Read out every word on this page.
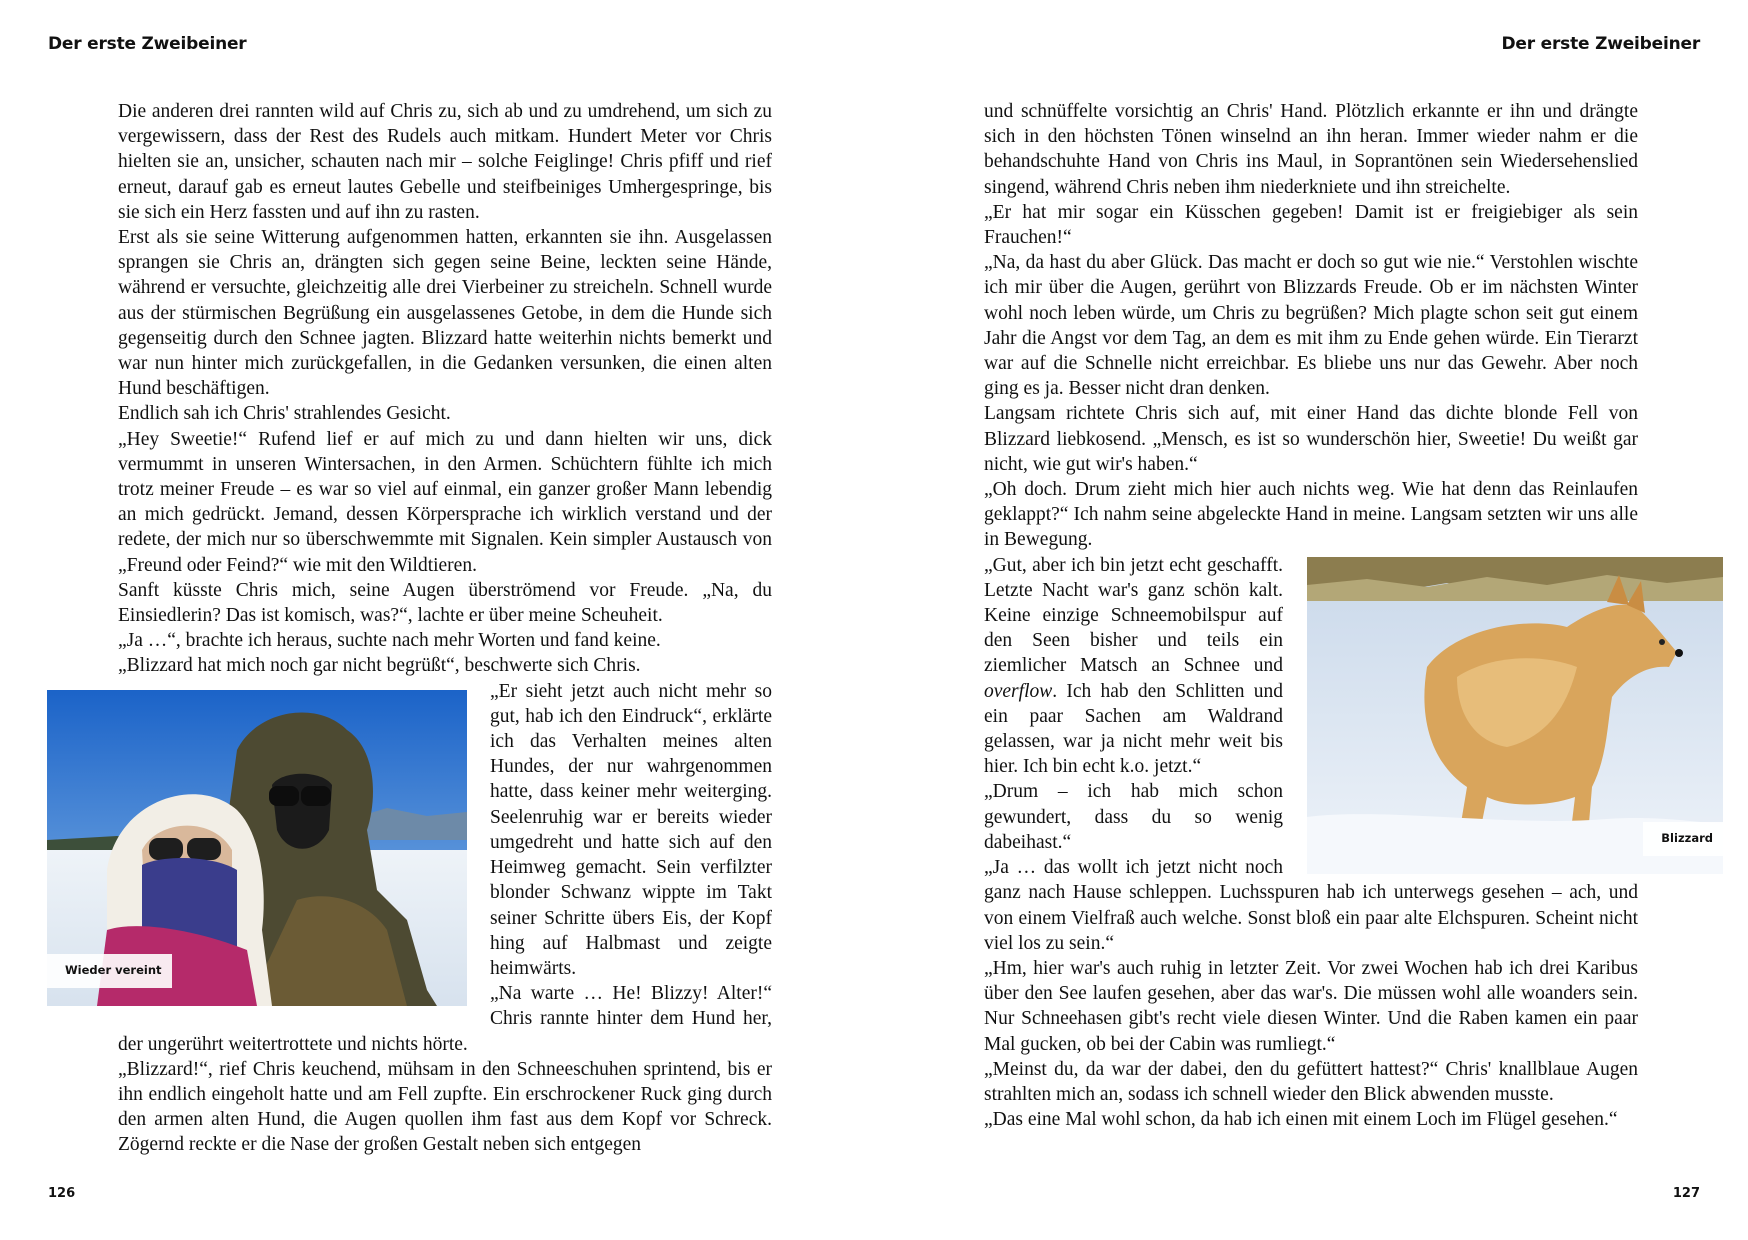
Der erste Zweibeiner

Die anderen drei rannten wild auf Chris zu, sich ab und zu umdrehend, um sich zu vergewissern, dass der Rest des Rudels auch mitkam. Hundert Meter vor Chris hielten sie an, unsicher, schauten nach mir – solche Feiglinge! Chris pfiff und rief erneut, darauf gab es erneut lautes Gebelle und steifbeiniges Umhergespringe, bis sie sich ein Herz fassten und auf ihn zu rasten.

Erst als sie seine Witterung aufgenommen hatten, erkannten sie ihn. Ausgelassen sprangen sie Chris an, drängten sich gegen seine Beine, leckten seine Hände, während er versuchte, gleichzeitig alle drei Vierbeiner zu streicheln. Schnell wurde aus der stürmischen Begrüßung ein ausgelassenes Getobe, in dem die Hunde sich gegenseitig durch den Schnee jagten. Blizzard hatte weiterhin nichts bemerkt und war nun hinter mich zurückgefallen, in die Gedanken versunken, die einen alten Hund beschäftigen.

Endlich sah ich Chris' strahlendes Gesicht.

„Hey Sweetie!“ Rufend lief er auf mich zu und dann hielten wir uns, dick vermummt in unseren Wintersachen, in den Armen. Schüchtern fühlte ich mich trotz meiner Freude – es war so viel auf einmal, ein ganzer großer Mann lebendig an mich gedrückt. Jemand, dessen Körpersprache ich wirklich verstand und der redete, der mich nur so überschwemmte mit Signalen. Kein simpler Austausch von „Freund oder Feind?“ wie mit den Wildtieren.

Sanft küsste Chris mich, seine Augen überströmend vor Freude. „Na, du Einsiedlerin? Das ist komisch, was?“, lachte er über meine Scheuheit.

„Ja …“, brachte ich heraus, suchte nach mehr Worten und fand keine.

„Blizzard hat mich noch gar nicht begrüßt“, beschwerte sich Chris.

Wieder vereint

„Er sieht jetzt auch nicht mehr so gut, hab ich den Eindruck“, erklärte ich das Verhalten meines alten Hundes, der nur wahrgenommen hatte, dass keiner mehr weiterging. Seelenruhig war er bereits wieder umgedreht und hatte sich auf den Heimweg gemacht. Sein verfilzter blonder Schwanz wippte im Takt seiner Schritte übers Eis, der Kopf hing auf Halbmast und zeigte heimwärts.

„Na warte … He! Blizzy! Alter!“ Chris rannte hinter dem Hund her, der ungerührt weitertrottete und nichts hörte.

„Blizzard!“, rief Chris keuchend, mühsam in den Schneeschuhen sprintend, bis er ihn endlich eingeholt hatte und am Fell zupfte. Ein erschrockener Ruck ging durch den armen alten Hund, die Augen quollen ihm fast aus dem Kopf vor Schreck. Zögernd reckte er die Nase der großen Gestalt neben sich entgegen

126
Der erste Zweibeiner

und schnüffelte vorsichtig an Chris' Hand. Plötzlich erkannte er ihn und drängte sich in den höchsten Tönen winselnd an ihn heran. Immer wieder nahm er die behandschuhte Hand von Chris ins Maul, in Soprantönen sein Wiedersehenslied singend, während Chris neben ihm niederkniete und ihn streichelte.

„Er hat mir sogar ein Küsschen gegeben! Damit ist er freigiebiger als sein Frauchen!“

„Na, da hast du aber Glück. Das macht er doch so gut wie nie.“ Verstohlen wischte ich mir über die Augen, gerührt von Blizzards Freude. Ob er im nächsten Winter wohl noch leben würde, um Chris zu begrüßen? Mich plagte schon seit gut einem Jahr die Angst vor dem Tag, an dem es mit ihm zu Ende gehen würde. Ein Tierarzt war auf die Schnelle nicht erreichbar. Es bliebe uns nur das Gewehr. Aber noch ging es ja. Besser nicht dran denken.

Langsam richtete Chris sich auf, mit einer Hand das dichte blonde Fell von Blizzard liebkosend. „Mensch, es ist so wunderschön hier, Sweetie! Du weißt gar nicht, wie gut wir's haben.“

„Oh doch. Drum zieht mich hier auch nichts weg. Wie hat denn das Reinlaufen geklappt?“ Ich nahm seine abgeleckte Hand in meine. Langsam setzten wir uns alle in Bewegung.

Blizzard

„Gut, aber ich bin jetzt echt geschafft. Letzte Nacht war's ganz schön kalt. Keine einzige Schneemobilspur auf den Seen bisher und teils ein ziemlicher Matsch an Schnee und overflow. Ich hab den Schlitten und ein paar Sachen am Waldrand gelassen, war ja nicht mehr weit bis hier. Ich bin echt k.o. jetzt.“

„Drum – ich hab mich schon gewundert, dass du so wenig dabeihast.“

„Ja … das wollt ich jetzt nicht noch ganz nach Hause schleppen. Luchsspuren hab ich unterwegs gesehen – ach, und von einem Vielfraß auch welche. Sonst bloß ein paar alte Elchspuren. Scheint nicht viel los zu sein.“

„Hm, hier war's auch ruhig in letzter Zeit. Vor zwei Wochen hab ich drei Karibus über den See laufen gesehen, aber das war's. Die müssen wohl alle woanders sein. Nur Schneehasen gibt's recht viele diesen Winter. Und die Raben kamen ein paar Mal gucken, ob bei der Cabin was rumliegt.“

„Meinst du, da war der dabei, den du gefüttert hattest?“ Chris' knallblaue Augen strahlten mich an, sodass ich schnell wieder den Blick abwenden musste.

„Das eine Mal wohl schon, da hab ich einen mit einem Loch im Flügel gesehen.“

127
